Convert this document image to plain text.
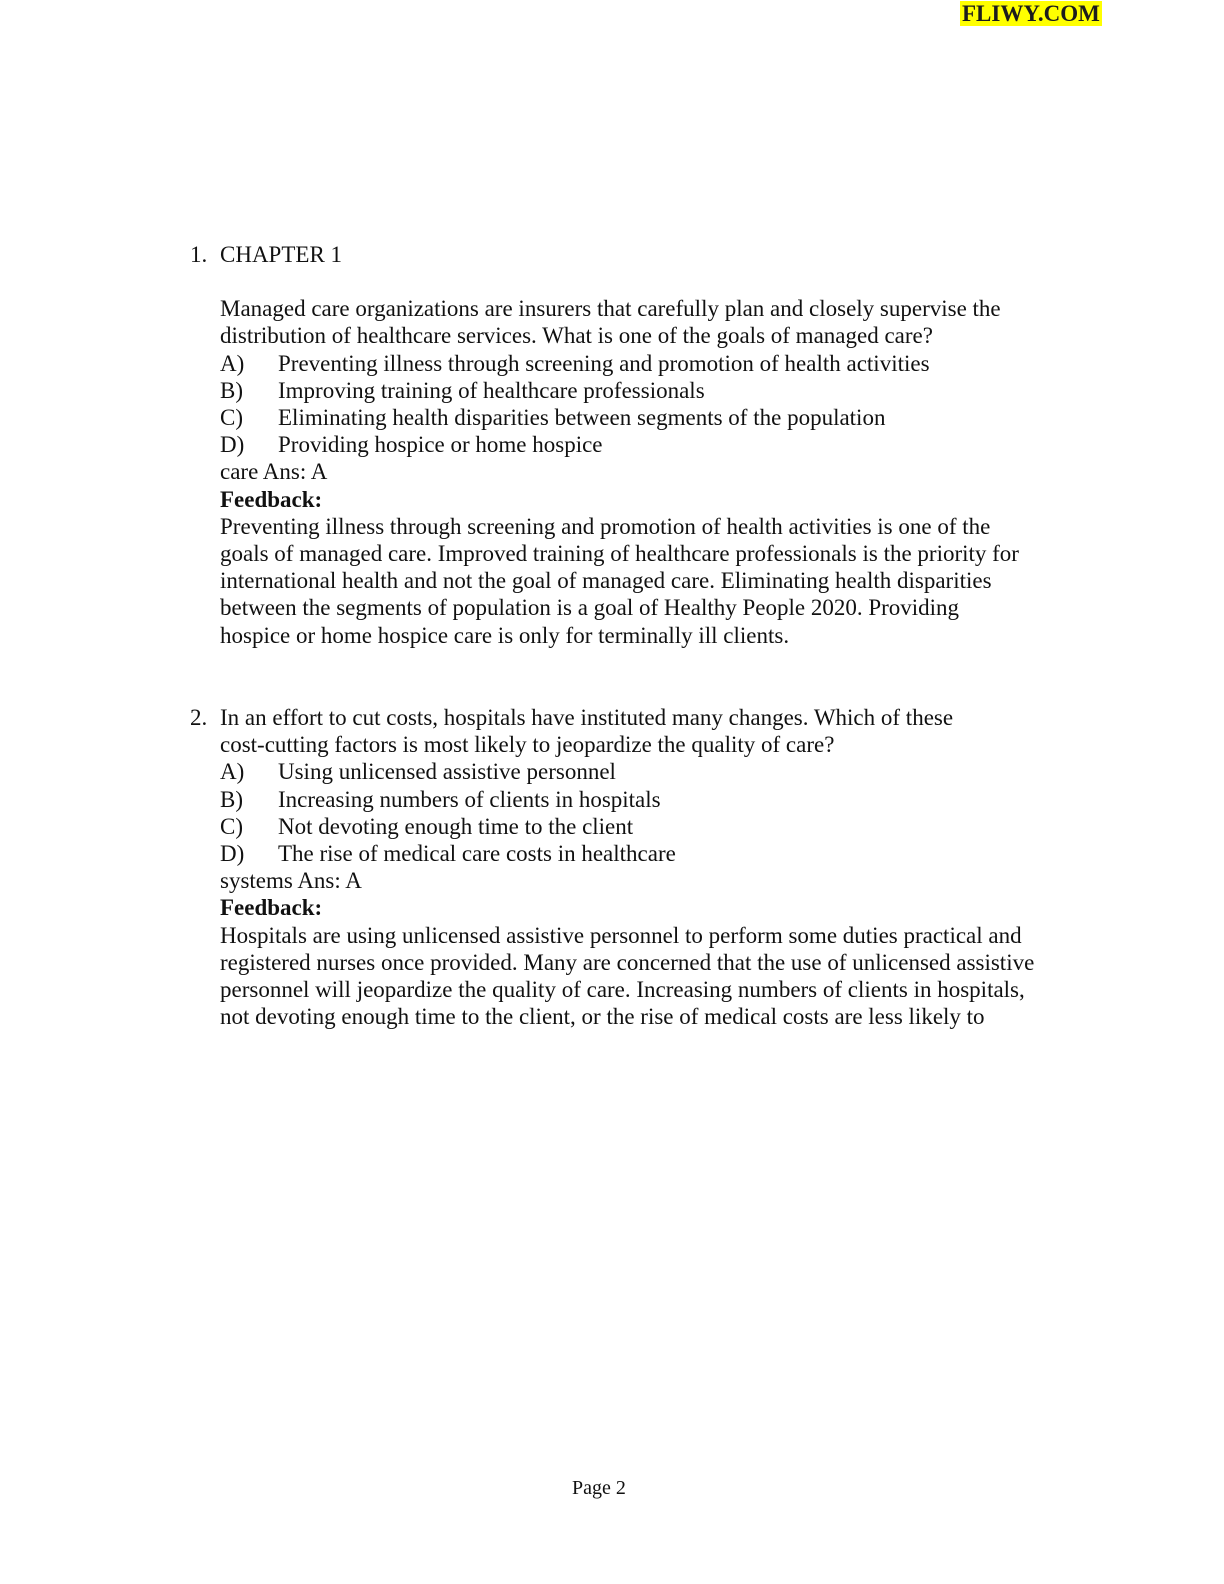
FLIWY.COM
1. CHAPTER 1
Managed care organizations are insurers that carefully plan and closely supervise the
distribution of healthcare services. What is one of the goals of managed care?
A) Preventing illness through screening and promotion of health activities
B) Improving training of healthcare professionals
C) Eliminating health disparities between segments of the population
D) Providing hospice or home hospice
care Ans: A
Feedback:
Preventing illness through screening and promotion of health activities is one of the
goals of managed care. Improved training of healthcare professionals is the priority for
international health and not the goal of managed care. Eliminating health disparities
between the segments of population is a goal of Healthy People 2020. Providing
hospice or home hospice care is only for terminally ill clients.
2. In an effort to cut costs, hospitals have instituted many changes. Which of these
cost-cutting factors is most likely to jeopardize the quality of care?
A) Using unlicensed assistive personnel
B) Increasing numbers of clients in hospitals
C) Not devoting enough time to the client
D) The rise of medical care costs in healthcare
systems Ans: A
Feedback:
Hospitals are using unlicensed assistive personnel to perform some duties practical and
registered nurses once provided. Many are concerned that the use of unlicensed assistive
personnel will jeopardize the quality of care. Increasing numbers of clients in hospitals,
not devoting enough time to the client, or the rise of medical costs are less likely to
Page 2
